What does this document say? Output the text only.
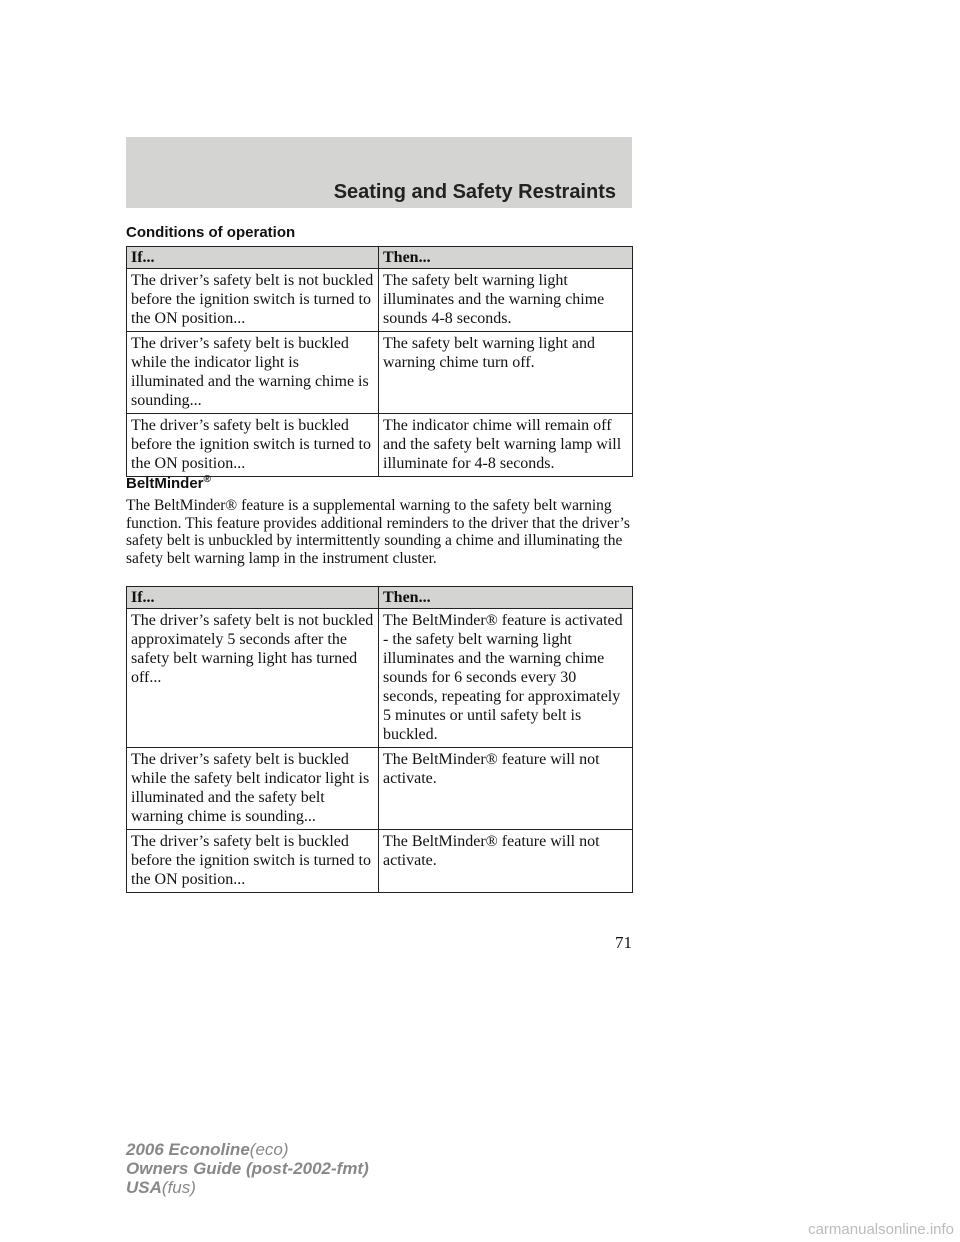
Seating and Safety Restraints
Conditions of operation
If...	Then...
The driver’s safety belt is not buckled before the ignition switch is turned to the ON position...	The safety belt warning light illuminates and the warning chime sounds 4-8 seconds.
The driver’s safety belt is buckled while the indicator light is illuminated and the warning chime is sounding...	The safety belt warning light and warning chime turn off.
The driver’s safety belt is buckled before the ignition switch is turned to the ON position...	The indicator chime will remain off and the safety belt warning lamp will illuminate for 4-8 seconds.
BeltMinder®
The BeltMinder® feature is a supplemental warning to the safety belt warning function. This feature provides additional reminders to the driver that the driver’s safety belt is unbuckled by intermittently sounding a chime and illuminating the safety belt warning lamp in the instrument cluster.
If...	Then...
The driver’s safety belt is not buckled approximately 5 seconds after the safety belt warning light has turned off...	The BeltMinder® feature is activated - the safety belt warning light illuminates and the warning chime sounds for 6 seconds every 30 seconds, repeating for approximately 5 minutes or until safety belt is buckled.
The driver’s safety belt is buckled while the safety belt indicator light is illuminated and the safety belt warning chime is sounding...	The BeltMinder® feature will not activate.
The driver’s safety belt is buckled before the ignition switch is turned to the ON position...	The BeltMinder® feature will not activate.
71
2006 Econoline(eco)
Owners Guide (post-2002-fmt)
USA(fus)
carmanualsonline.info
